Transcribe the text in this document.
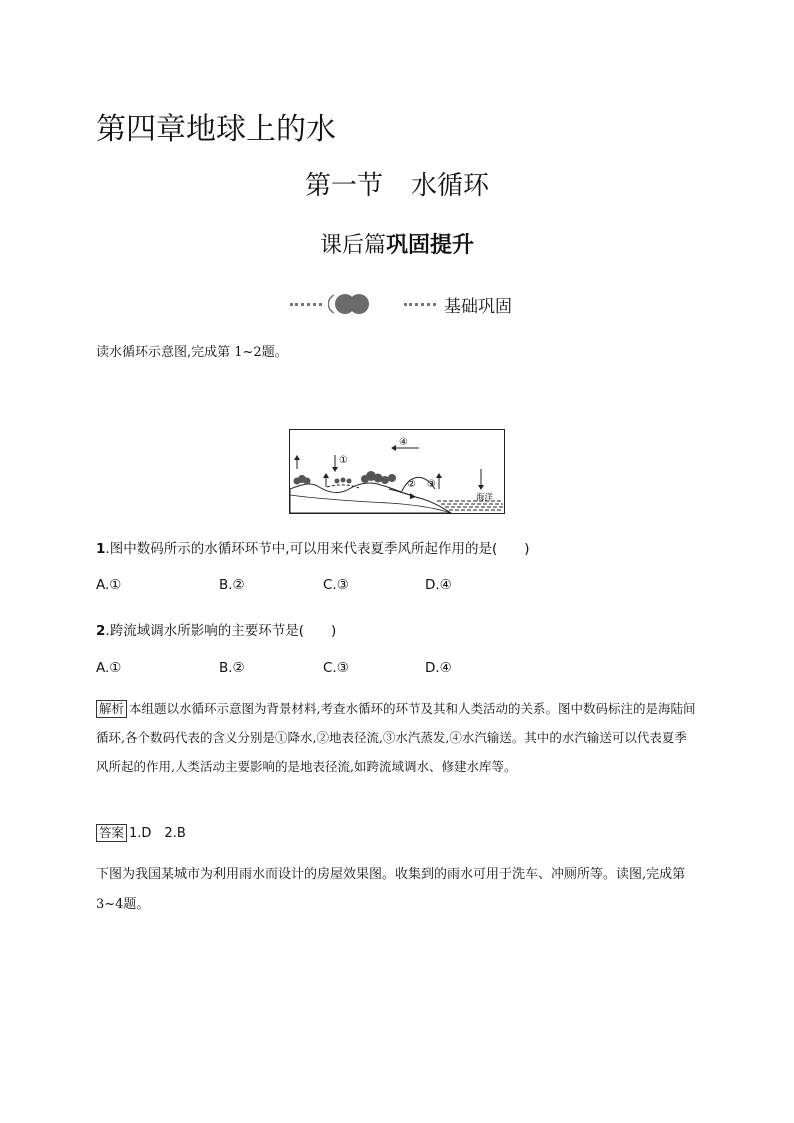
第四章地球上的水
第一节 水循环
课后篇巩固提升
基础巩固
读水循环示意图,完成第 1~2题。
①
④
② ③
海洋
1.图中数码所示的水循环环节中,可以用来代表夏季风所起作用的是(　　)
A.①	B.②	C.③	D.④
2.跨流域调水所影响的主要环节是(　　)
A.①	B.②	C.③	D.④
解析 本组题以水循环示意图为背景材料,考查水循环的环节及其和人类活动的关系。图中数码标注的是海陆间循环,各个数码代表的含义分别是①降水,②地表径流,③水汽蒸发,④水汽输送。其中的水汽输送可以代表夏季风所起的作用,人类活动主要影响的是地表径流,如跨流域调水、修建水库等。
答案 1.D　2.B
下图为我国某城市为利用雨水而设计的房屋效果图。收集到的雨水可用于洗车、冲厕所等。读图,完成第 3~4题。
